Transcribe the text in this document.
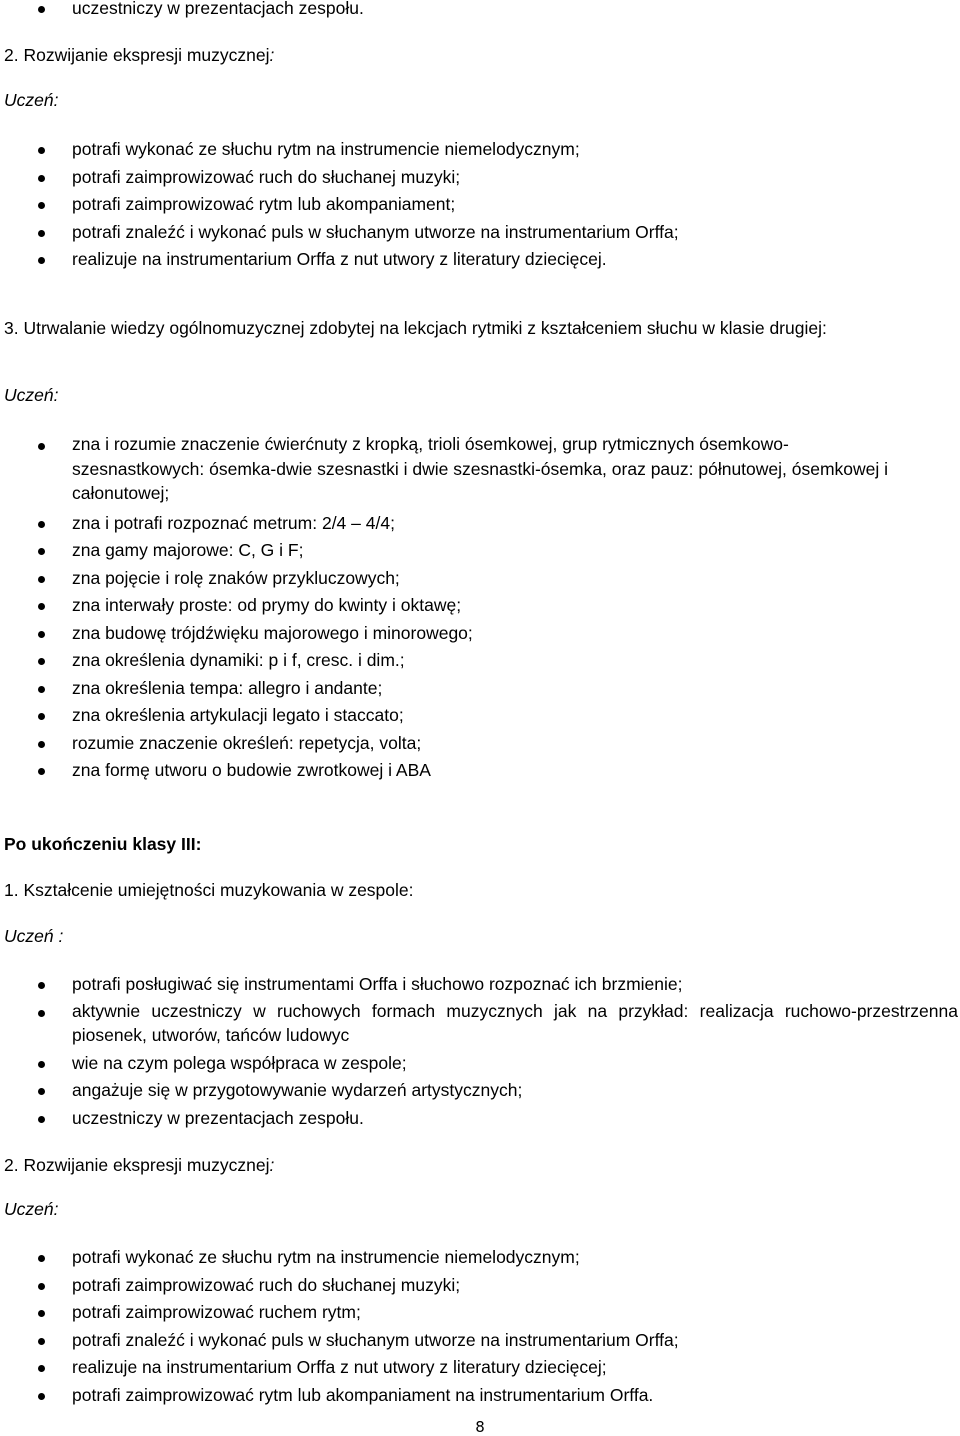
uczestniczy w prezentacjach zespołu.

2. Rozwijanie ekspresji muzycznej:

Uczeń:

potrafi wykonać ze słuchu rytm na instrumencie niemelodycznym;
potrafi zaimprowizować ruch do słuchanej muzyki;
potrafi zaimprowizować rytm lub akompaniament;
potrafi znaleźć i wykonać puls w słuchanym utworze na instrumentarium Orffa;
realizuje na instrumentarium Orffa z nut utwory z literatury dziecięcej.

3. Utrwalanie wiedzy ogólnomuzycznej zdobytej na lekcjach rytmiki z kształceniem słuchu w klasie drugiej:

Uczeń:

zna i rozumie znaczenie ćwierćnuty z kropką, trioli ósemkowej, grup rytmicznych ósemkowo-szesnastkowych: ósemka-dwie szesnastki i dwie szesnastki-ósemka, oraz pauz: półnutowej, ósemkowej i całonutowej;
zna i potrafi rozpoznać metrum: 2/4 – 4/4;
zna gamy majorowe: C, G i F;
zna pojęcie i rolę znaków przykluczowych;
zna interwały proste: od prymy do kwinty i oktawę;
zna budowę trójdźwięku majorowego i minorowego;
zna określenia dynamiki: p i f, cresc. i dim.;
zna określenia tempa: allegro i andante;
zna określenia artykulacji legato i staccato;
rozumie znaczenie określeń: repetycja, volta;
zna formę utworu o budowie zwrotkowej i ABA

Po ukończeniu klasy III:

1. Kształcenie umiejętności muzykowania w zespole:

Uczeń :

potrafi posługiwać się instrumentami Orffa i słuchowo rozpoznać ich brzmienie;
aktywnie uczestniczy w ruchowych formach muzycznych jak na przykład: realizacja ruchowo-przestrzenna piosenek, utworów, tańców ludowyc
wie na czym polega współpraca w zespole;
angażuje się w przygotowywanie wydarzeń artystycznych;
uczestniczy w prezentacjach zespołu.

2. Rozwijanie ekspresji muzycznej:

Uczeń:

potrafi wykonać ze słuchu rytm na instrumencie niemelodycznym;
potrafi zaimprowizować ruch do słuchanej muzyki;
potrafi zaimprowizować ruchem rytm;
potrafi znaleźć i wykonać puls w słuchanym utworze na instrumentarium Orffa;
realizuje na instrumentarium Orffa z nut utwory z literatury dziecięcej;
potrafi zaimprowizować rytm lub akompaniament na instrumentarium Orffa.
8
